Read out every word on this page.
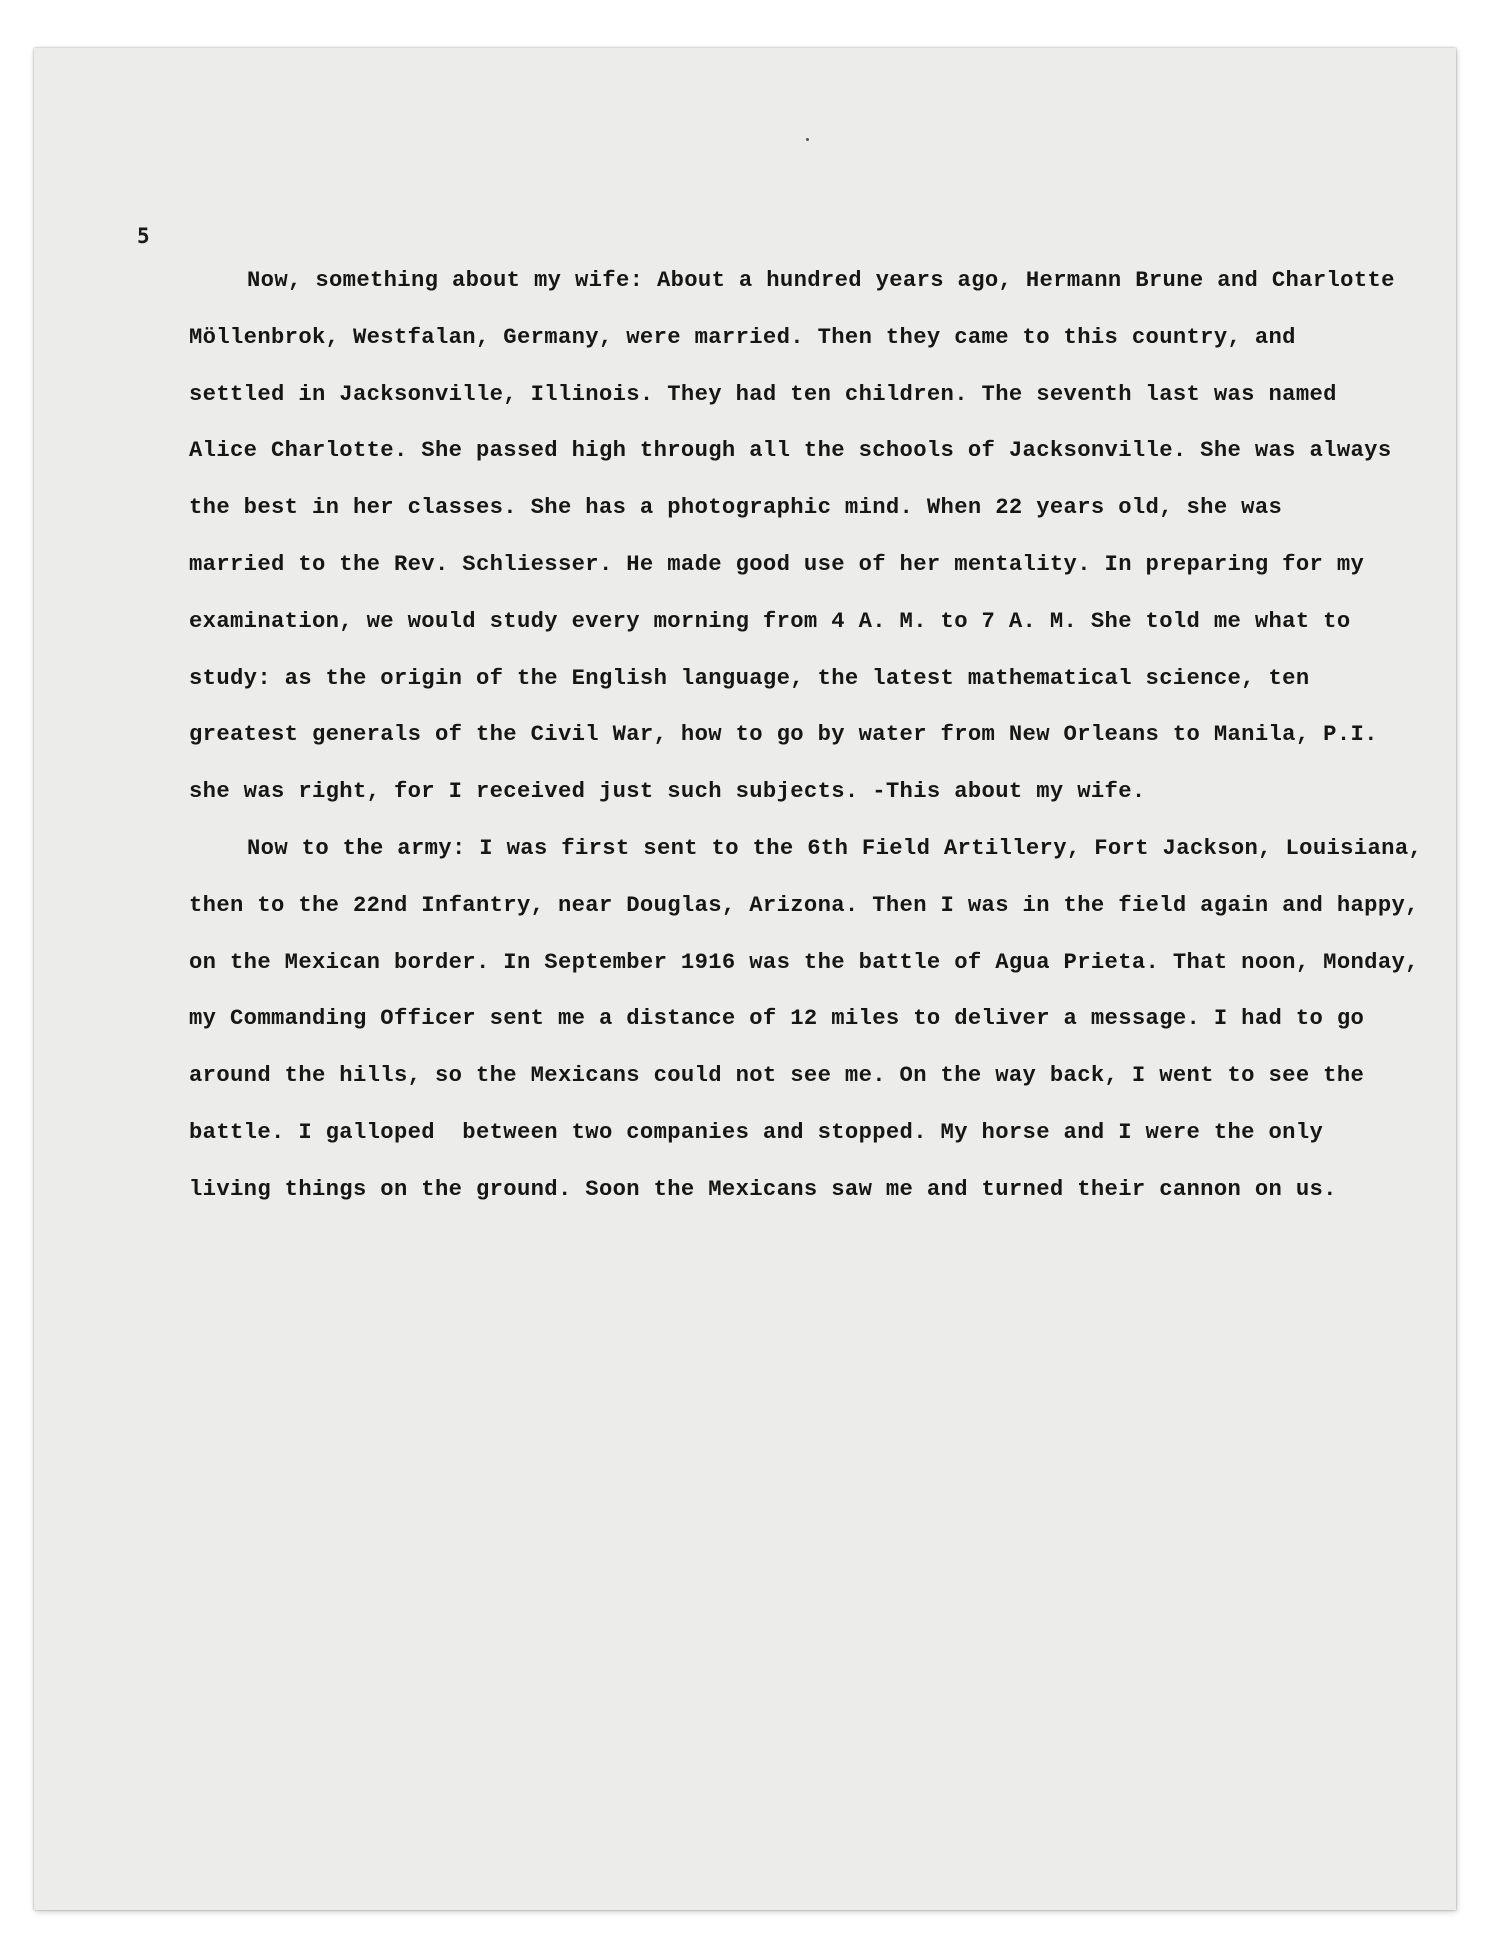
5
Now, something about my wife: About a hundred years ago, Hermann Brune and Charlotte
Möllenbrok, Westfalan, Germany, were married. Then they came to this country, and
settled in Jacksonville, Illinois. They had ten children. The seventh last was named
Alice Charlotte. She passed high through all the schools of Jacksonville. She was always
the best in her classes. She has a photographic mind. When 22 years old, she was
married to the Rev. Schliesser. He made good use of her mentality. In preparing for my
examination, we would study every morning from 4 A. M. to 7 A. M. She told me what to
study: as the origin of the English language, the latest mathematical science, ten
greatest generals of the Civil War, how to go by water from New Orleans to Manila, P.I.
she was right, for I received just such subjects. -This about my wife.
Now to the army: I was first sent to the 6th Field Artillery, Fort Jackson, Louisiana,
then to the 22nd Infantry, near Douglas, Arizona. Then I was in the field again and happy,
on the Mexican border. In September 1916 was the battle of Agua Prieta. That noon, Monday,
my Commanding Officer sent me a distance of 12 miles to deliver a message. I had to go
around the hills, so the Mexicans could not see me. On the way back, I went to see the
battle. I galloped  between two companies and stopped. My horse and I were the only
living things on the ground. Soon the Mexicans saw me and turned their cannon on us.
